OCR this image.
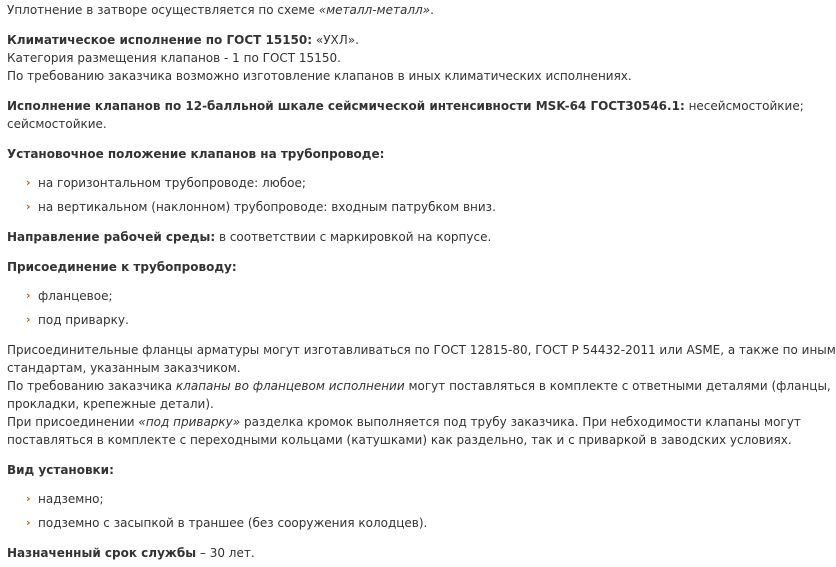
Уплотнение в затворе осуществляется по схеме «металл-металл».
Климатическое исполнение по ГОСТ 15150: «УХЛ».
Категория размещения клапанов - 1 по ГОСТ 15150.
По требованию заказчика возможно изготовление клапанов в иных климатических исполнениях.
Исполнение клапанов по 12-балльной шкале сейсмической интенсивности MSK-64 ГОСТ30546.1: несейсмостойкие;
сейсмостойкие.
Установочное положение клапанов на трубопроводе:
› на горизонтальном трубопроводе: любое;
› на вертикальном (наклонном) трубопроводе: входным патрубком вниз.
Направление рабочей среды: в соответствии с маркировкой на корпусе.
Присоединение к трубопроводу:
› фланцевое;
› под приварку.
Присоединительные фланцы арматуры могут изготавливаться по ГОСТ 12815-80, ГОСТ Р 54432-2011 или ASME, а также по иным
стандартам, указанным заказчиком.
По требованию заказчика клапаны во фланцевом исполнении могут поставляться в комплекте с ответными деталями (фланцы,
прокладки, крепежные детали).
При присоединении «под приварку» разделка кромок выполняется под трубу заказчика. При небходимости клапаны могут
поставляться в комплекте с переходными кольцами (катушками) как раздельно, так и с приваркой в заводских условиях.
Вид установки:
› надземно;
› подземно с засыпкой в траншее (без сооружения колодцев).
Назначенный срок службы – 30 лет.
